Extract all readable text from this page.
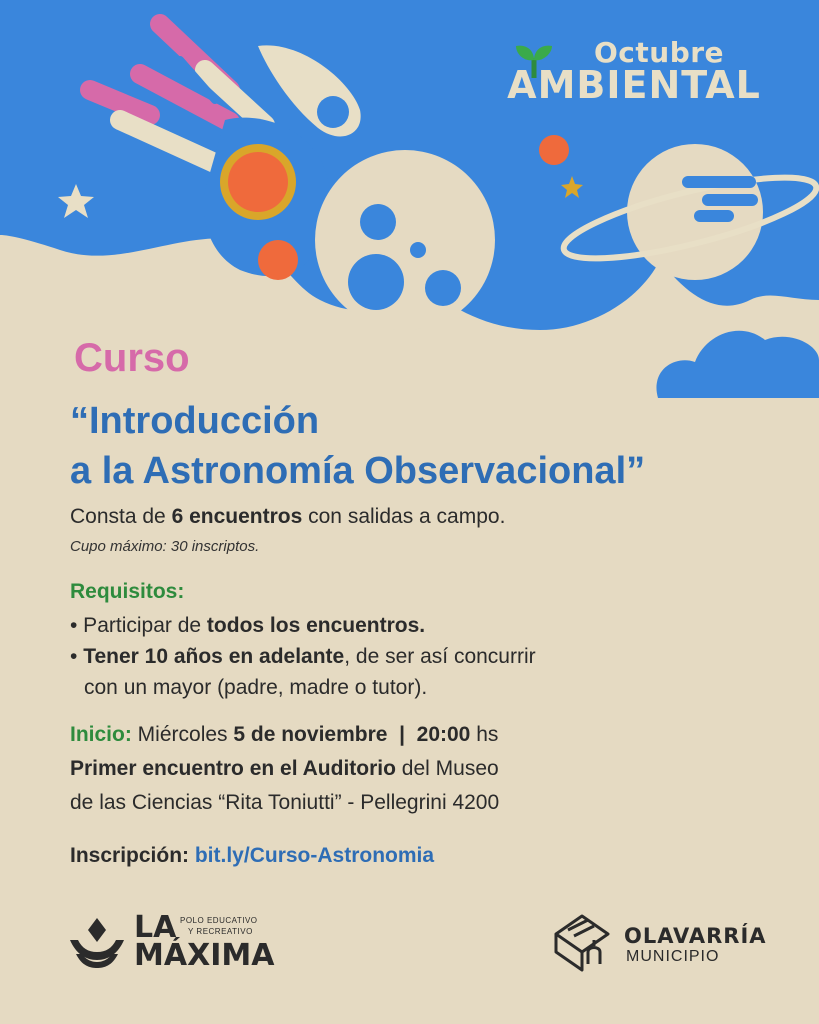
Octubre
AMBIENTAL
Curso
“Introducción
a la Astronomía Observacional”
Consta de 6 encuentros con salidas a campo.
Cupo máximo: 30 inscriptos.
Requisitos:
• Participar de todos los encuentros.
• Tener 10 años en adelante, de ser así concurrir
con un mayor (padre, madre o tutor).
Inicio: Miércoles 5 de noviembre  |  20:00 hs
Primer encuentro en el Auditorio del Museo
de las Ciencias “Rita Toniutti” - Pellegrini 4200
Inscripción: bit.ly/Curso-Astronomia
LA POLO EDUCATIVO
Y RECREATIVO
MÁXIMA
OLAVARRÍA
MUNICIPIO
